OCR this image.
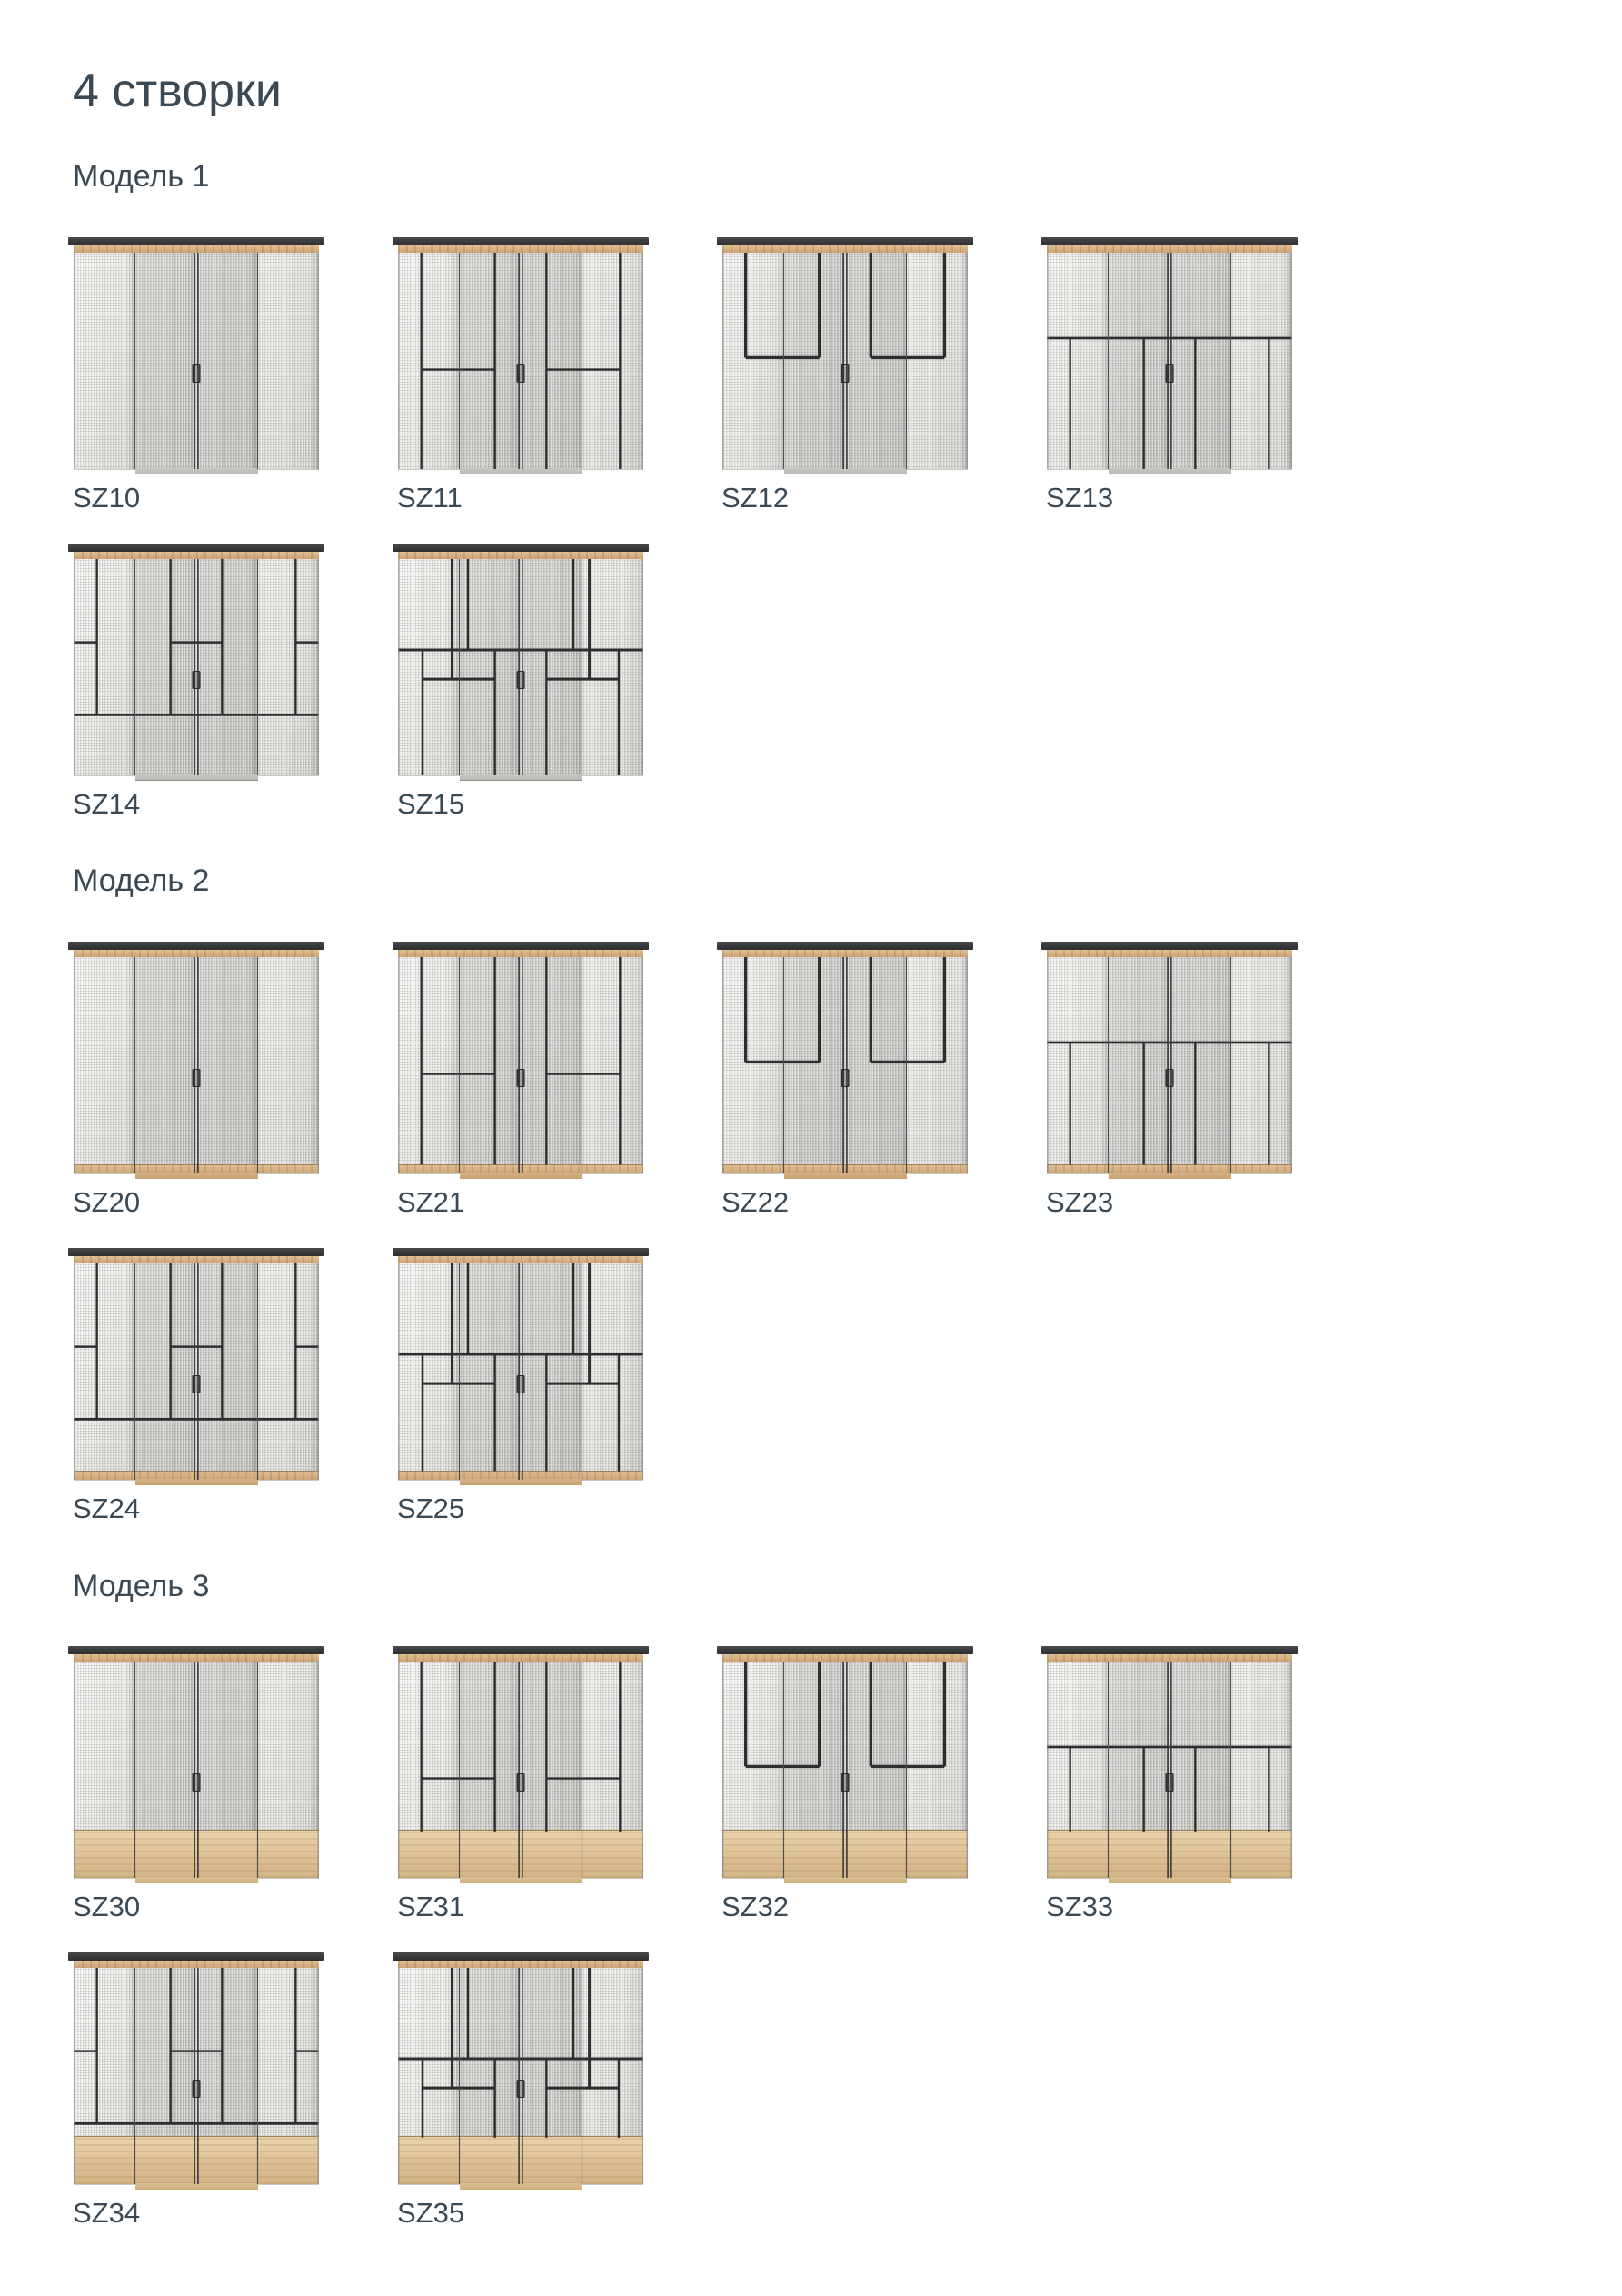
4 створки
Модель 1
SZ10	SZ11	SZ12	SZ13
SZ14	SZ15
Модель 2
SZ20	SZ21	SZ22	SZ23
SZ24	SZ25
Модель 3
SZ30	SZ31	SZ32	SZ33
SZ34	SZ35
